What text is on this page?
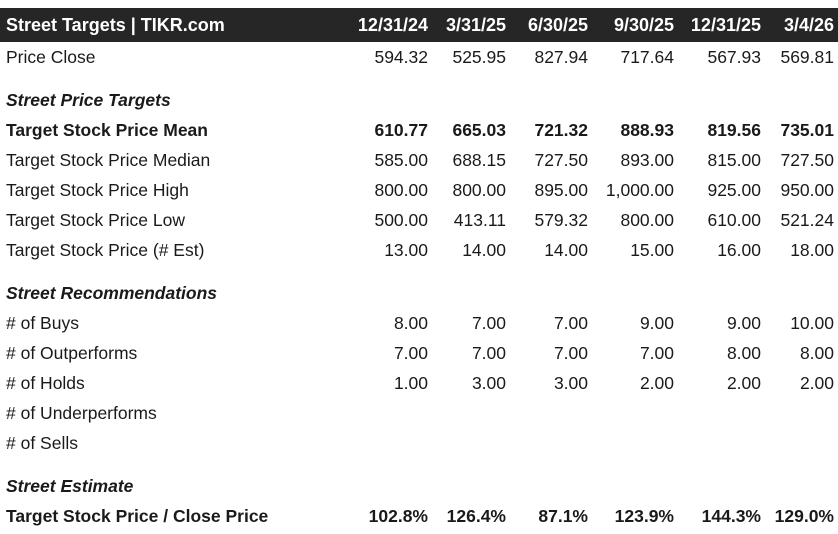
Street Targets | TIKR.com	12/31/24	3/31/25	6/30/25	9/30/25	12/31/25	3/4/26
Price Close	594.32	525.95	827.94	717.64	567.93	569.81
Street Price Targets						
Target Stock Price Mean	610.77	665.03	721.32	888.93	819.56	735.01
Target Stock Price Median	585.00	688.15	727.50	893.00	815.00	727.50
Target Stock Price High	800.00	800.00	895.00	1,000.00	925.00	950.00
Target Stock Price Low	500.00	413.11	579.32	800.00	610.00	521.24
Target Stock Price (# Est)	13.00	14.00	14.00	15.00	16.00	18.00
Street Recommendations						
# of Buys	8.00	7.00	7.00	9.00	9.00	10.00
# of Outperforms	7.00	7.00	7.00	7.00	8.00	8.00
# of Holds	1.00	3.00	3.00	2.00	2.00	2.00
# of Underperforms						
# of Sells						
Street Estimate						
Target Stock Price / Close Price	102.8%	126.4%	87.1%	123.9%	144.3%	129.0%
